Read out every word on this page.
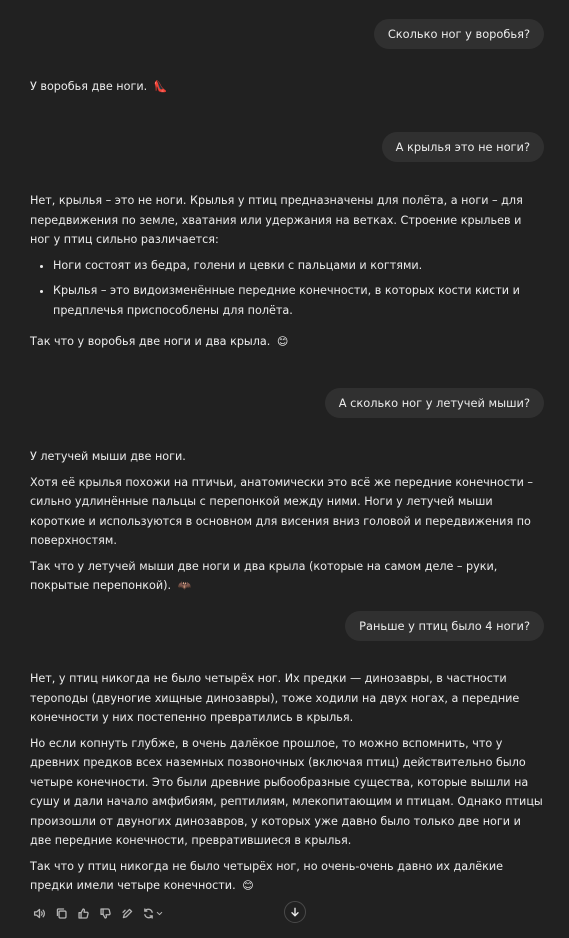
Сколько ног у воробья?

У воробья две ноги. 👠

А крылья это не ноги?

Нет, крылья – это не ноги. Крылья у птиц предназначены для полёта, а ноги – для передвижения по земле, хватания или удержания на ветках. Строение крыльев и ног у птиц сильно различается:

• Ноги состоят из бедра, голени и цевки с пальцами и когтями.
• Крылья – это видоизменённые передние конечности, в которых кости кисти и предплечья приспособлены для полёта.

Так что у воробья две ноги и два крыла. 😊

А сколько ног у летучей мыши?

У летучей мыши две ноги.

Хотя её крылья похожи на птичьи, анатомически это всё же передние конечности – сильно удлинённые пальцы с перепонкой между ними. Ноги у летучей мыши короткие и используются в основном для висения вниз головой и передвижения по поверхностям.

Так что у летучей мыши две ноги и два крыла (которые на самом деле – руки, покрытые перепонкой). 🦇

Раньше у птиц было 4 ноги?

Нет, у птиц никогда не было четырёх ног. Их предки — динозавры, в частности тероподы (двуногие хищные динозавры), тоже ходили на двух ногах, а передние конечности у них постепенно превратились в крылья.

Но если копнуть глубже, в очень далёкое прошлое, то можно вспомнить, что у древних предков всех наземных позвоночных (включая птиц) действительно было четыре конечности. Это были древние рыбообразные существа, которые вышли на сушу и дали начало амфибиям, рептилиям, млекопитающим и птицам. Однако птицы произошли от двуногих динозавров, у которых уже давно было только две ноги и две передние конечности, превратившиеся в крылья.

Так что у птиц никогда не было четырёх ног, но очень-очень давно их далёкие предки имели четыре конечности. 😊
